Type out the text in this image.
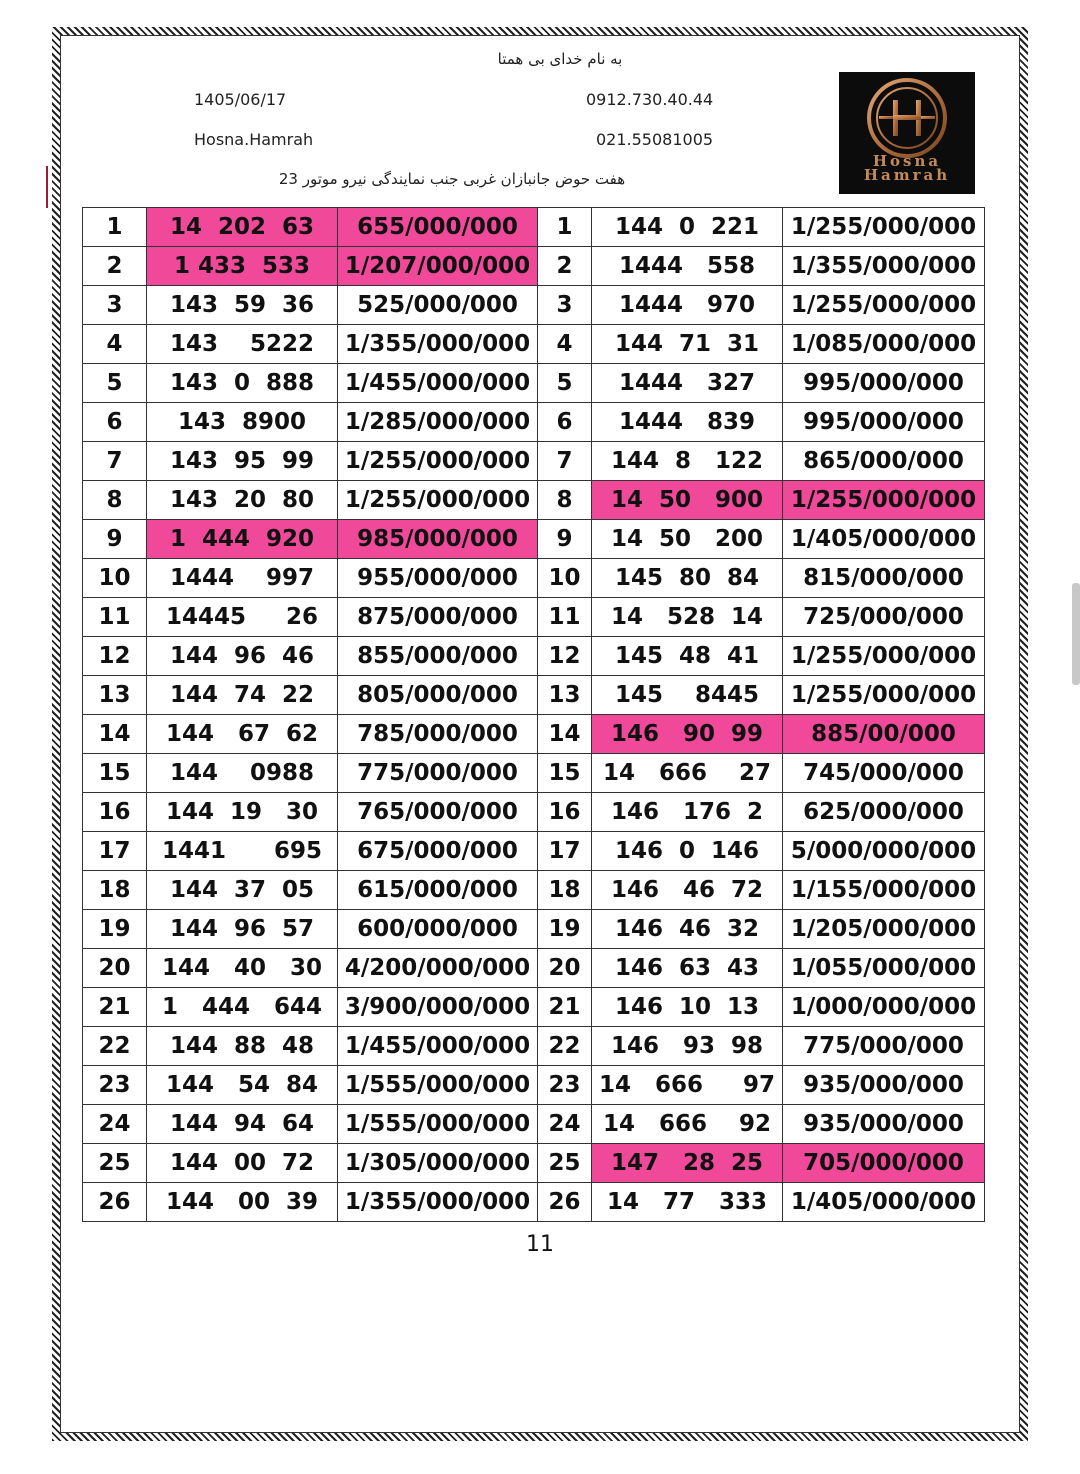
به نام خدای بی همتا
1405/06/17	0912.730.40.44
Hosna.Hamrah	021.55081005
هفت حوض جانبازان غربی جنب نمایندگی نیرو موتور 23
Hosna
Hamrah
1	14  202  63	655/000/000	1	144  0  221	1/255/000/000
2	1 433  533	1/207/000/000	2	1444   558	1/355/000/000
3	143  59  36	525/000/000	3	1444   970	1/255/000/000
4	143    5222	1/355/000/000	4	144  71  31	1/085/000/000
5	143  0  888	1/455/000/000	5	1444   327	995/000/000
6	143  8900	1/285/000/000	6	1444   839	995/000/000
7	143  95  99	1/255/000/000	7	144  8   122	865/000/000
8	143  20  80	1/255/000/000	8	14  50   900	1/255/000/000
9	1  444  920	985/000/000	9	14  50   200	1/405/000/000
10	1444    997	955/000/000	10	145  80  84	815/000/000
11	14445     26	875/000/000	11	14   528  14	725/000/000
12	144  96  46	855/000/000	12	145  48  41	1/255/000/000
13	144  74  22	805/000/000	13	145    8445	1/255/000/000
14	144   67  62	785/000/000	14	146   90  99	885/00/000
15	144    0988	775/000/000	15	14   666    27	745/000/000
16	144  19   30	765/000/000	16	146   176  2	625/000/000
17	1441      695	675/000/000	17	146  0  146	5/000/000/000
18	144  37  05	615/000/000	18	146   46  72	1/155/000/000
19	144  96  57	600/000/000	19	146  46  32	1/205/000/000
20	144   40   30	4/200/000/000	20	146  63  43	1/055/000/000
21	1   444   644	3/900/000/000	21	146  10  13	1/000/000/000
22	144  88  48	1/455/000/000	22	146   93  98	775/000/000
23	144   54  84	1/555/000/000	23	14   666     97	935/000/000
24	144  94  64	1/555/000/000	24	14   666    92	935/000/000
25	144  00  72	1/305/000/000	25	147   28  25	705/000/000
26	144   00  39	1/355/000/000	26	14   77   333	1/405/000/000
11
